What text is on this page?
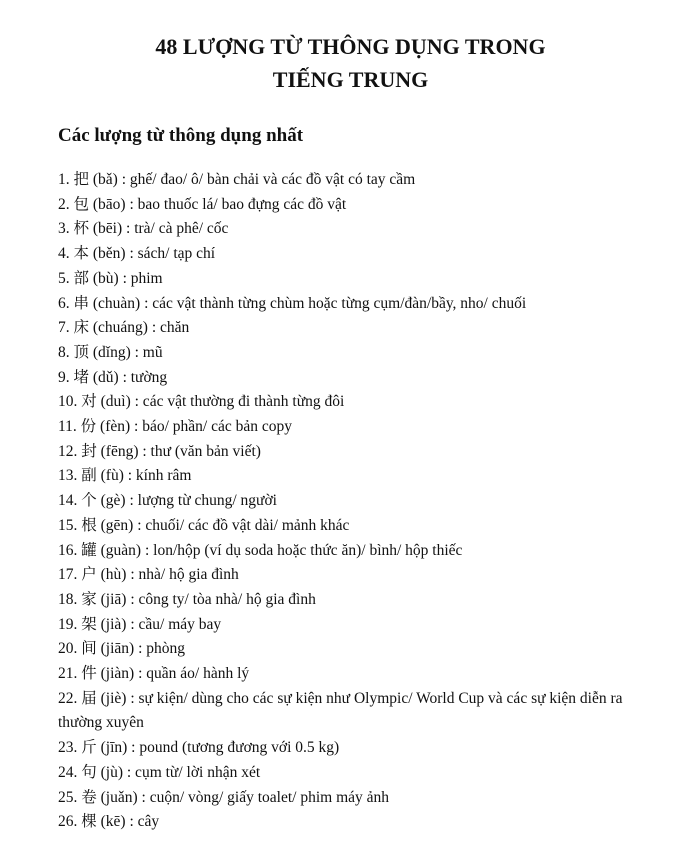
48 LƯỢNG TỪ THÔNG DỤNG TRONG
TIẾNG TRUNG
Các lượng từ thông dụng nhất
1. 把 (bǎ) : ghế/ đao/ ô/ bàn chải và các đồ vật có tay cầm
2. 包 (bāo) : bao thuốc lá/ bao đựng các đồ vật
3. 杯 (bēi) : trà/ cà phê/ cốc
4. 本 (běn) : sách/ tạp chí
5. 部 (bù) : phim
6. 串 (chuàn) : các vật thành từng chùm hoặc từng cụm/đàn/bầy, nho/ chuối
7. 床 (chuáng) : chăn
8. 顶 (dǐng) : mũ
9. 堵 (dǔ) : tường
10. 对 (duì) : các vật thường đi thành từng đôi
11. 份 (fèn) : báo/ phần/ các bản copy
12. 封 (fēng) : thư (văn bản viết)
13. 副 (fù) : kính râm
14. 个 (gè) : lượng từ chung/ người
15. 根 (gēn) : chuối/ các đồ vật dài/ mảnh khác
16. 罐 (guàn) : lon/hộp (ví dụ soda hoặc thức ăn)/ bình/ hộp thiếc
17. 户 (hù) : nhà/ hộ gia đình
18. 家 (jiā) : công ty/ tòa nhà/ hộ gia đình
19. 架 (jià) : cầu/ máy bay
20. 间 (jiān) : phòng
21. 件 (jiàn) : quần áo/ hành lý
22. 届 (jiè) : sự kiện/ dùng cho các sự kiện như Olympic/ World Cup và các sự kiện diễn ra thường xuyên
23. 斤 (jīn) : pound (tương đương với 0.5 kg)
24. 句 (jù) : cụm từ/ lời nhận xét
25. 卷 (juǎn) : cuộn/ vòng/ giấy toalet/ phim máy ảnh
26. 棵 (kē) : cây
